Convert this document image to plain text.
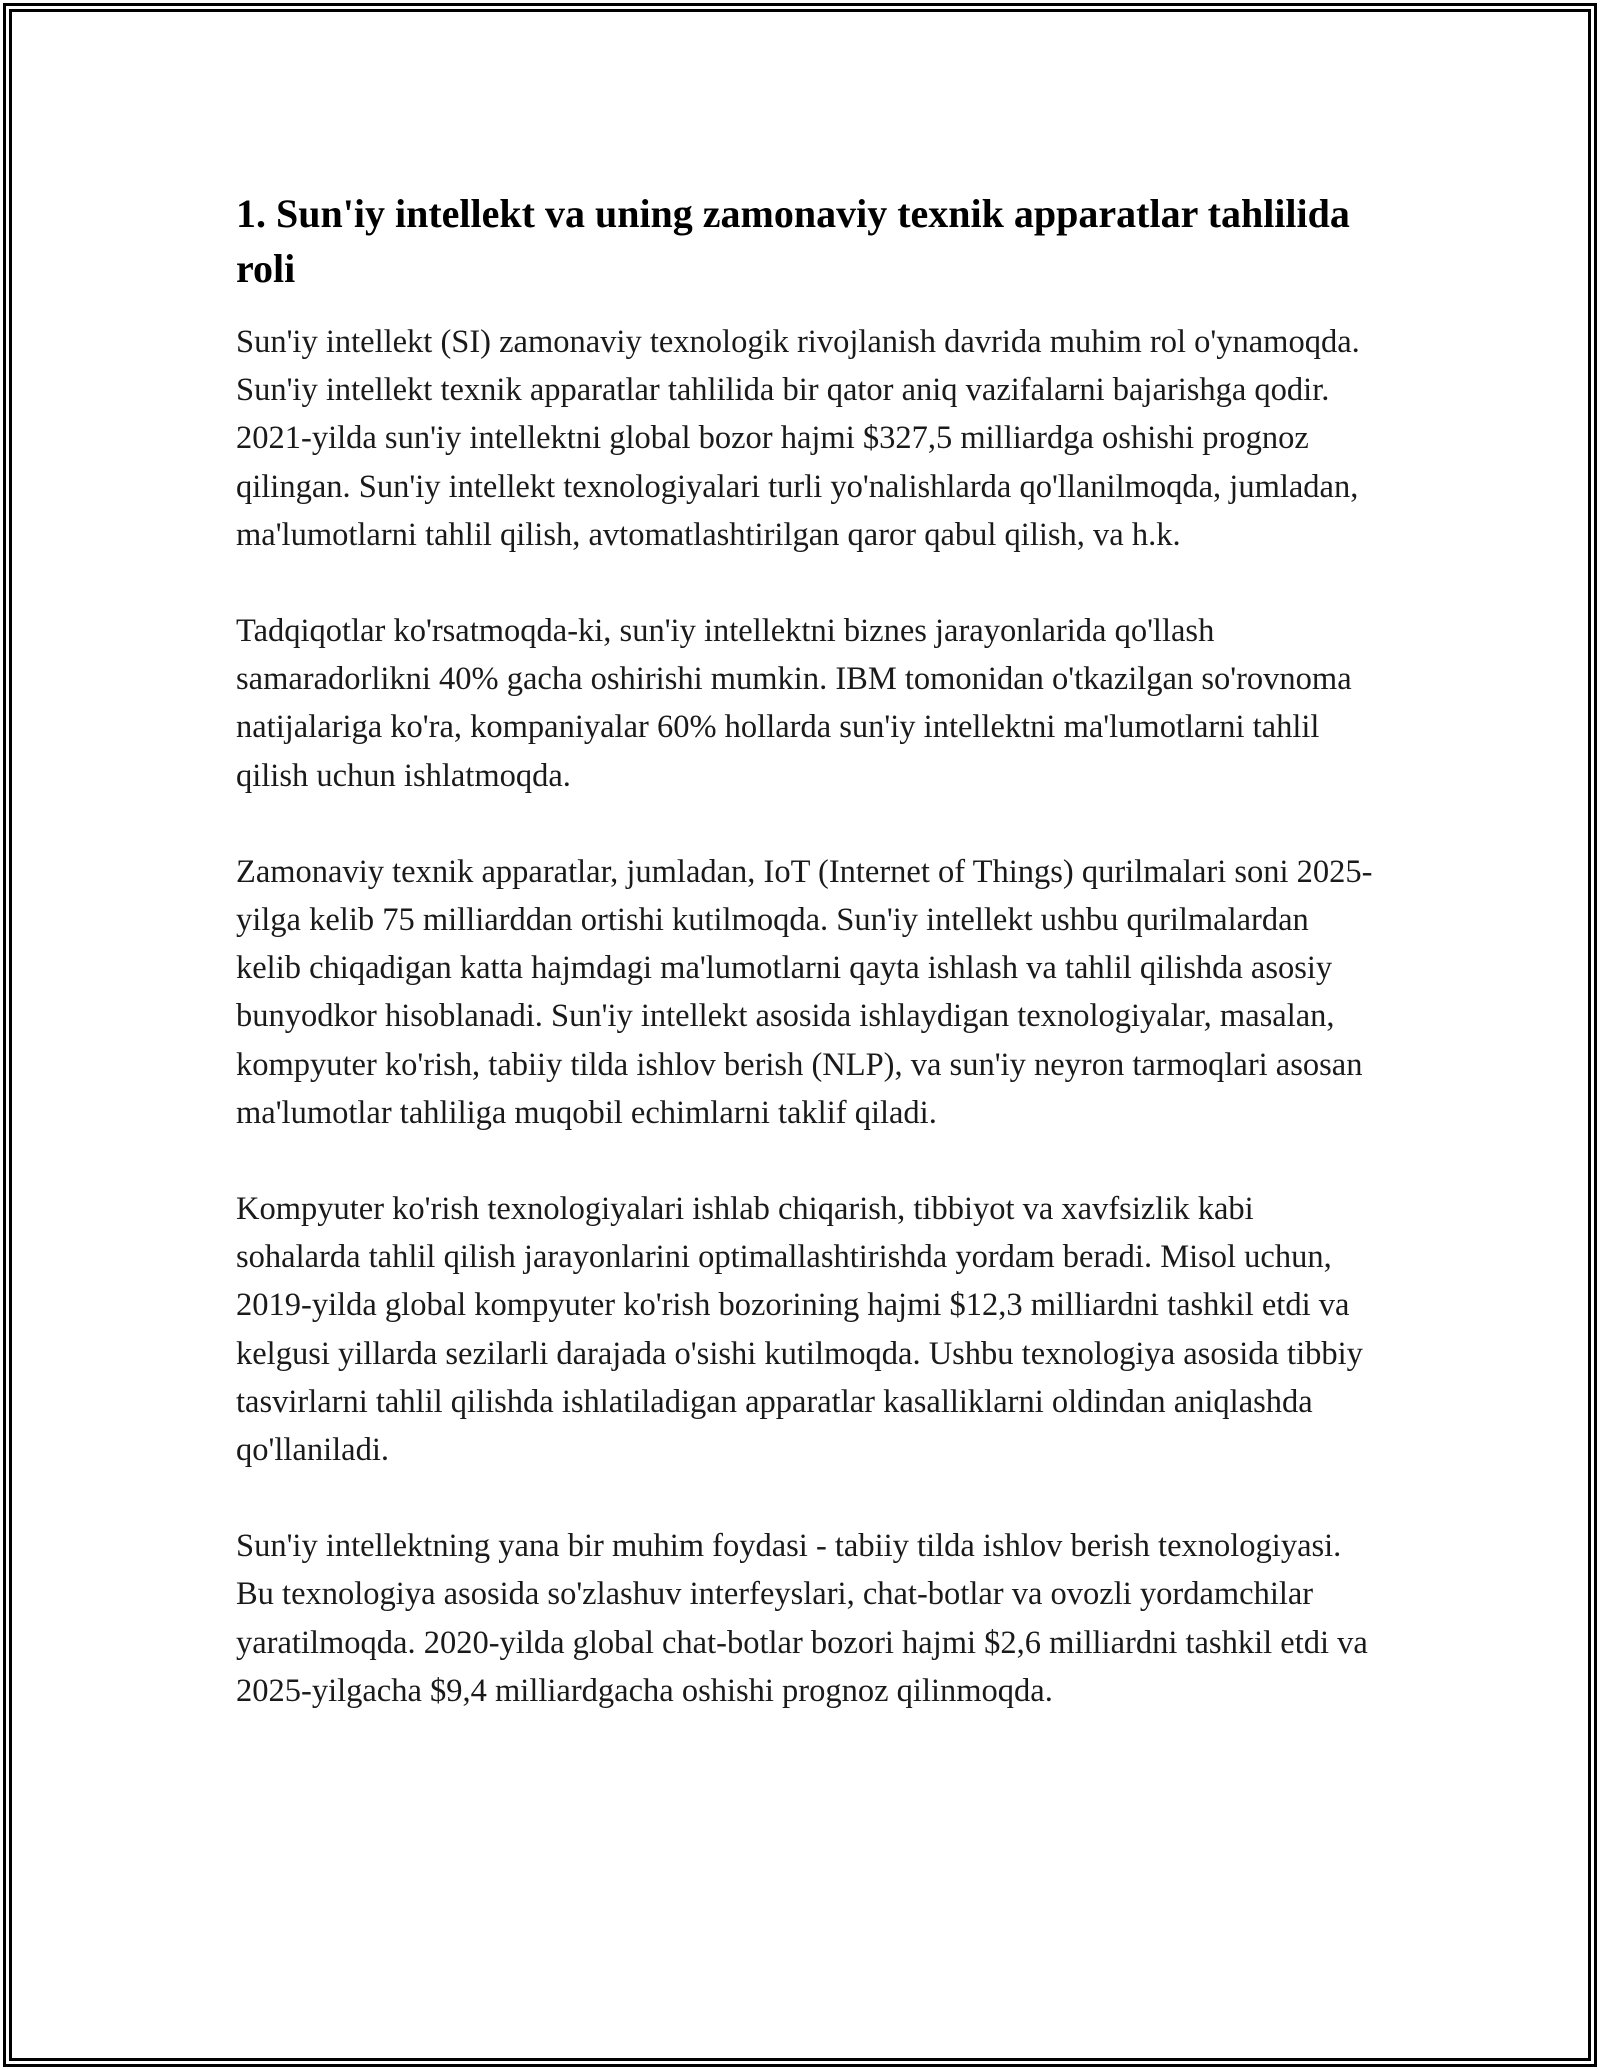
1. Sun'iy intellekt va uning zamonaviy texnik apparatlar tahlilida roli

Sun'iy intellekt (SI) zamonaviy texnologik rivojlanish davrida muhim rol o'ynamoqda. Sun'iy intellekt texnik apparatlar tahlilida bir qator aniq vazifalarni bajarishga qodir. 2021-yilda sun'iy intellektni global bozor hajmi $327,5 milliardga oshishi prognoz qilingan. Sun'iy intellekt texnologiyalari turli yo'nalishlarda qo'llanilmoqda, jumladan, ma'lumotlarni tahlil qilish, avtomatlashtirilgan qaror qabul qilish, va h.k.

Tadqiqotlar ko'rsatmoqda-ki, sun'iy intellektni biznes jarayonlarida qo'llash samaradorlikni 40% gacha oshirishi mumkin. IBM tomonidan o'tkazilgan so'rovnoma natijalariga ko'ra, kompaniyalar 60% hollarda sun'iy intellektni ma'lumotlarni tahlil qilish uchun ishlatmoqda.

Zamonaviy texnik apparatlar, jumladan, IoT (Internet of Things) qurilmalari soni 2025-yilga kelib 75 milliarddan ortishi kutilmoqda. Sun'iy intellekt ushbu qurilmalardan kelib chiqadigan katta hajmdagi ma'lumotlarni qayta ishlash va tahlil qilishda asosiy bunyodkor hisoblanadi. Sun'iy intellekt asosida ishlaydigan texnologiyalar, masalan, kompyuter ko'rish, tabiiy tilda ishlov berish (NLP), va sun'iy neyron tarmoqlari asosan ma'lumotlar tahliliga muqobil echimlarni taklif qiladi.

Kompyuter ko'rish texnologiyalari ishlab chiqarish, tibbiyot va xavfsizlik kabi sohalarda tahlil qilish jarayonlarini optimallashtirishda yordam beradi. Misol uchun, 2019-yilda global kompyuter ko'rish bozorining hajmi $12,3 milliardni tashkil etdi va kelgusi yillarda sezilarli darajada o'sishi kutilmoqda. Ushbu texnologiya asosida tibbiy tasvirlarni tahlil qilishda ishlatiladigan apparatlar kasalliklarni oldindan aniqlashda qo'llaniladi.

Sun'iy intellektning yana bir muhim foydasi - tabiiy tilda ishlov berish texnologiyasi. Bu texnologiya asosida so'zlashuv interfeyslari, chat-botlar va ovozli yordamchilar yaratilmoqda. 2020-yilda global chat-botlar bozori hajmi $2,6 milliardni tashkil etdi va 2025-yilgacha $9,4 milliardgacha oshishi prognoz qilinmoqda.
